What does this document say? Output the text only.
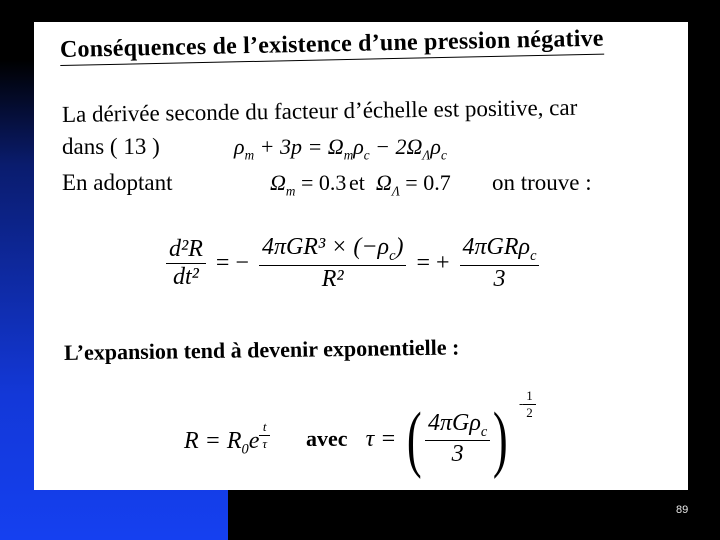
Conséquences de l’existence d’une pression négative
La dérivée seconde du facteur d’échelle est positive, car
dans ( 13 )	$\rho_m + 3p = \Omega_m\rho_c - 2\Omega_\Lambda\rho_c$
En adoptant	$\Omega_m = 0.3$ et $\Omega_\Lambda = 0.7$ on trouve :
$\frac{\text{d²R}}{\text{dt²}}$ = − $\frac{4\pi GR^3 \times (-\rho_c)}{\text{R²}}$ = + $\frac{4\pi GR\rho_c}{3}$
L’expansion tend à devenir exponentielle :
$R = R_0e$ $^{\frac{t}{\tau}}$ avec τ = ( $\frac{4\pi G\rho_c}{3}$ ) - $\frac{1}{2}$
89
